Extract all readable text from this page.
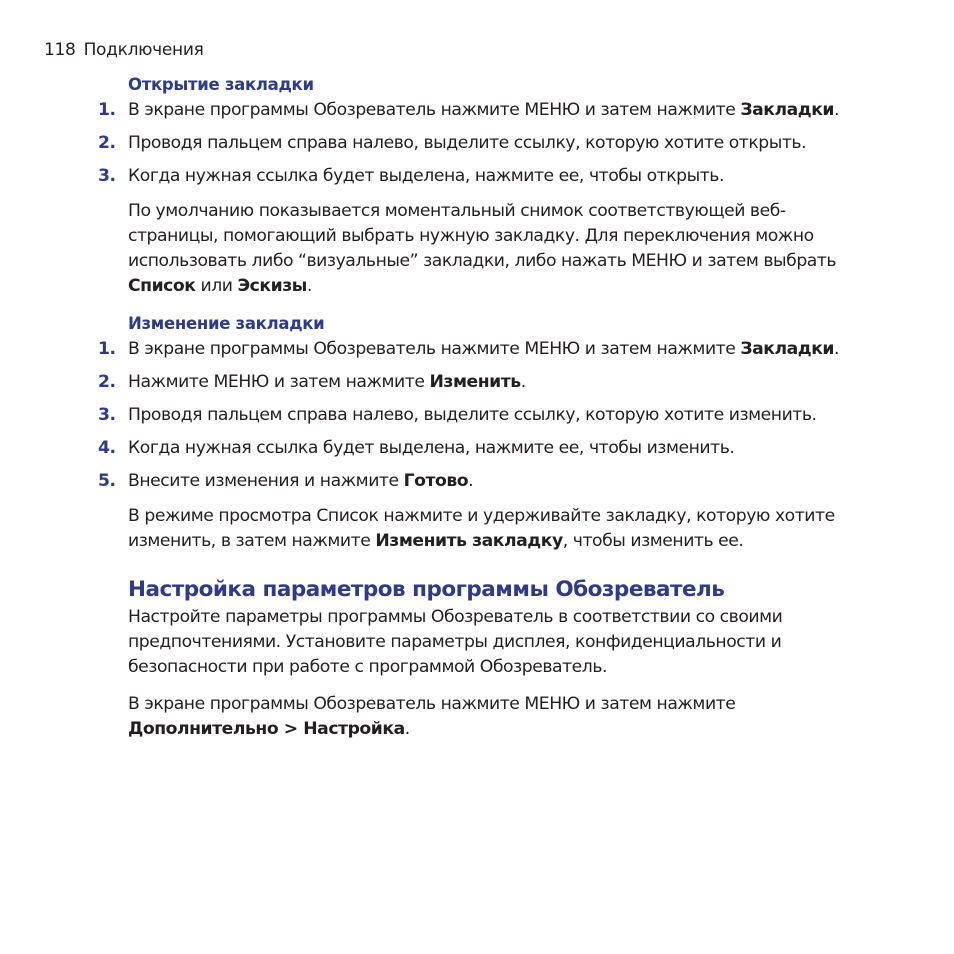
118 Подключения
Открытие закладки
1. В экране программы Обозреватель нажмите МЕНЮ и затем нажмите Закладки.
2. Проводя пальцем справа налево, выделите ссылку, которую хотите открыть.
3. Когда нужная ссылка будет выделена, нажмите ее, чтобы открыть.

По умолчанию показывается моментальный снимок соответствующей веб-страницы, помогающий выбрать нужную закладку. Для переключения можно использовать либо “визуальные” закладки, либо нажать МЕНЮ и затем выбрать Список или Эскизы.

Изменение закладки
1. В экране программы Обозреватель нажмите МЕНЮ и затем нажмите Закладки.
2. Нажмите МЕНЮ и затем нажмите Изменить.
3. Проводя пальцем справа налево, выделите ссылку, которую хотите изменить.
4. Когда нужная ссылка будет выделена, нажмите ее, чтобы изменить.
5. Внесите изменения и нажмите Готово.

В режиме просмотра Список нажмите и удерживайте закладку, которую хотите изменить, в затем нажмите Изменить закладку, чтобы изменить ее.

Настройка параметров программы Обозреватель

Настройте параметры программы Обозреватель в соответствии со своими предпочтениями. Установите параметры дисплея, конфиденциальности и безопасности при работе с программой Обозреватель.

В экране программы Обозреватель нажмите МЕНЮ и затем нажмите Дополнительно > Настройка.
